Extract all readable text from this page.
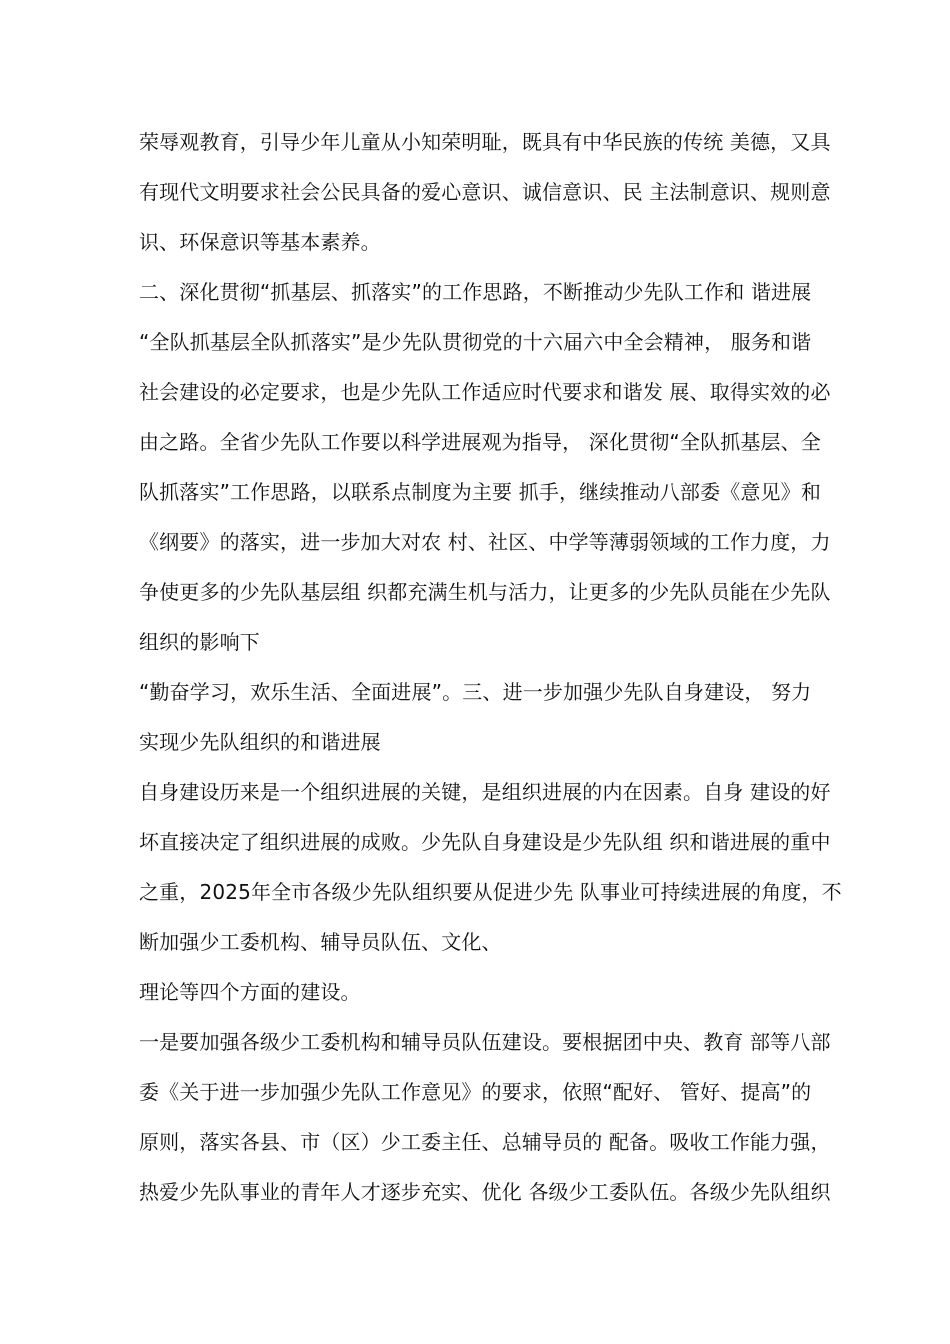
荣辱观教育，引导少年儿童从小知荣明耻，既具有中华民族的传统 美德，又具
有现代文明要求社会公民具备的爱心意识、诚信意识、民 主法制意识、规则意
识、环保意识等基本素养。
二、深化贯彻“抓基层、抓落实”的工作思路，不断推动少先队工作和 谐进展
“全队抓基层全队抓落实”是少先队贯彻党的十六届六中全会精神， 服务和谐
社会建设的必定要求，也是少先队工作适应时代要求和谐发 展、取得实效的必
由之路。全省少先队工作要以科学进展观为指导， 深化贯彻“全队抓基层、全
队抓落实”工作思路，以联系点制度为主要 抓手，继续推动八部委《意见》和
《纲要》的落实，进一步加大对农 村、社区、中学等薄弱领域的工作力度，力
争使更多的少先队基层组 织都充满生机与活力，让更多的少先队员能在少先队
组织的影响下
“勤奋学习，欢乐生活、全面进展”。三、进一步加强少先队自身建设， 努力
实现少先队组织的和谐进展
自身建设历来是一个组织进展的关键，是组织进展的内在因素。自身 建设的好
坏直接决定了组织进展的成败。少先队自身建设是少先队组 织和谐进展的重中
之重，2025年全市各级少先队组织要从促进少先 队事业可持续进展的角度，不
断加强少工委机构、辅导员队伍、文化、
理论等四个方面的建设。
一是要加强各级少工委机构和辅导员队伍建设。要根据团中央、教育 部等八部
委《关于进一步加强少先队工作意见》的要求，依照“配好、 管好、提高”的
原则，落实各县、市（区）少工委主任、总辅导员的 配备。吸收工作能力强，
热爱少先队事业的青年人才逐步充实、优化 各级少工委队伍。各级少先队组织
